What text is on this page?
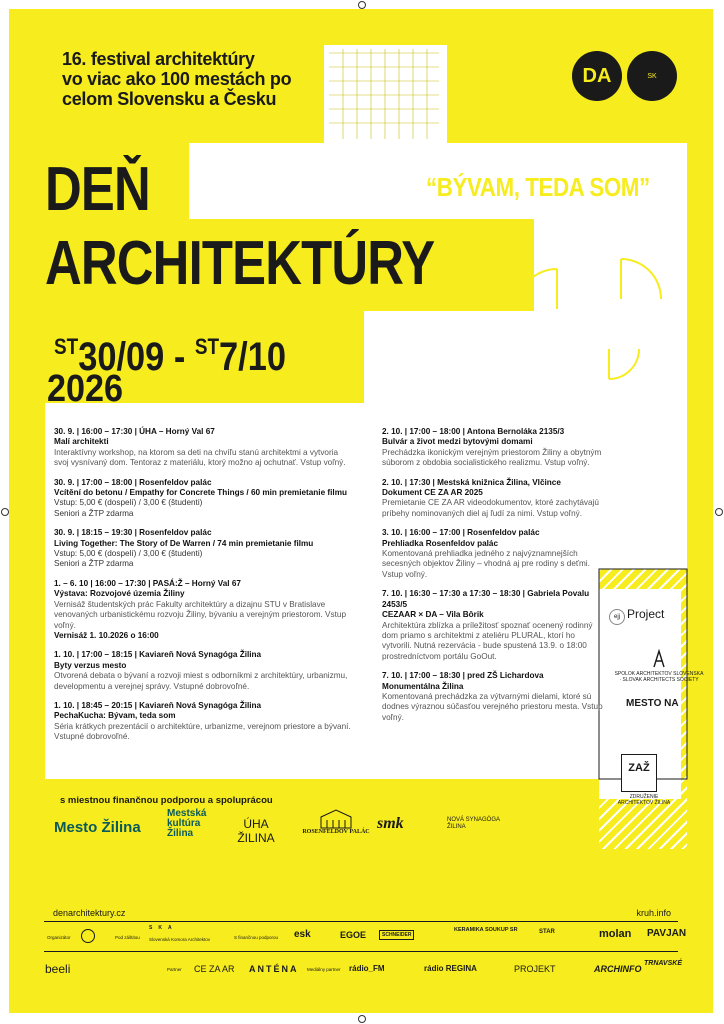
16. festival architektúry
vo viac ako 100 mestách po
celom Slovensku a Česku
DA	SK
DEŇ
ARCHITEKTÚRY
“BÝVAM, TEDA SOM”
$^{ST}$30/09 - $^{ST}$7/10
2026
30. 9. | 16:00 – 17:30 | ÚHA – Horný Val 67
Malí architekti
Interaktívny workshop, na ktorom sa deti na chvíľu stanú architektmi a vytvoria svoj vysnívaný dom. Tentoraz z materiálu, ktorý možno aj ochutnať. Vstup voľný.
30. 9. | 17:00 – 18:00 | Rosenfeldov palác
Vcítění do betonu / Empathy for Concrete Things / 60 min premietanie filmu
Vstup: 5,00 € (dospelí) / 3,00 € (študenti)
Seniori a ŽTP zdarma
30. 9. | 18:15 – 19:30 | Rosenfeldov palác
Living Together: The Story of De Warren / 74 min premietanie filmu
Vstup: 5,00 € (dospelí) / 3,00 € (študenti)
Seniori a ŽTP zdarma
1. – 6. 10 | 16:00 – 17:30 | PASÁ:Ž – Horný Val 67
Výstava: Rozvojové územia Žiliny
Vernisáž študentských prác Fakulty architektúry a dizajnu STU v Bratislave venovaných urbanistickému rozvoju Žiliny, bývaniu a verejným priestorom. Vstup voľný.
Vernisáž 1. 10.2026 o 16:00
1. 10. | 17:00 – 18:15 | Kaviareň Nová Synagóga Žilina
Byty verzus mesto
Otvorená debata o bývaní a rozvoji miest s odborníkmi z architektúry, urbanizmu, developmentu a verejnej správy. Vstupné dobrovoľné.
1. 10. | 18:45 – 20:15 | Kaviareň Nová Synagóga Žilina
PechaKucha: Bývam, teda som
Séria krátkych prezentácií o architektúre, urbanizme, verejnom priestore a bývaní. Vstupné dobrovoľné.
2. 10. | 17:00 – 18:00 | Antona Bernoláka 2135/3
Bulvár a život medzi bytovými domami
Prechádzka ikonickým verejným priestorom Žiliny a obytným súborom z obdobia socialistického realizmu. Vstup voľný.
2. 10. | 17:30 | Mestská knižnica Žilina, Vlčince
Dokument CE ZA AR 2025
Premietanie CE ZA AR videodokumentov, ktoré zachytávajú príbehy nominovaných diel aj ľudí za nimi. Vstup voľný.
3. 10. | 16:00 – 17:00 | Rosenfeldov palác
Prehliadka Rosenfeldov palác
Komentovaná prehliadka jedného z najvýznamnejších secesných objektov Žiliny – vhodná aj pre rodiny s deťmi. Vstup voľný.
7. 10. | 16:30 – 17:30 a 17:30 – 18:30 | Gabriela Povalu 2453/5
CEZAAR × DA – Vila Bôrik
Architektúra zblízka a príležitosť spoznať ocenený rodinný dom priamo s architektmi z ateliéru PLURAL, ktorí ho vytvorili. Nutná rezervácia - bude spustená 13.9. o 18:00 prostredníctvom portálu GoOut.
7. 10. | 17:00 – 18:30 | pred ZŠ Lichardova
Monumentálna Žilina
Komentovaná prechádzka za výtvarnými dielami, ktoré sú dodnes výraznou súčasťou verejného priestoru mesta. Vstup voľný.
ejj Project
SPOLOK ARCHITEKTOV SLOVENSKA · SLOVAK ARCHITECTS SOCIETY
MESTO NA
ZAŽ
ZDRUŽENIE ARCHITEKTOV ŽILINA
s miestnou finančnou podporou a spoluprácou
Mesto Žilina
Mestská kultúra Žilina
ÚHA ŽILINA	ROSENFELDOV PALÁC smk	NOVÁ SYNAGÓGA ŽILINA
denarchitektury.cz	kruh.info
Organizátor	Pod záštitou	S finančnou podporou
SKA
Slovenská Komora Architektov	esk	EGOE	SCHNEIDER
KERAMIKA SOUKUP SR	STAR	molan PAVJAN
Partner	Mediálny partner
beeli	CE ZA AR ANTÉNA	rádio_FM	rádio REGINA	PROJEKT	ARCHINFO
TRNAVSKÉ
